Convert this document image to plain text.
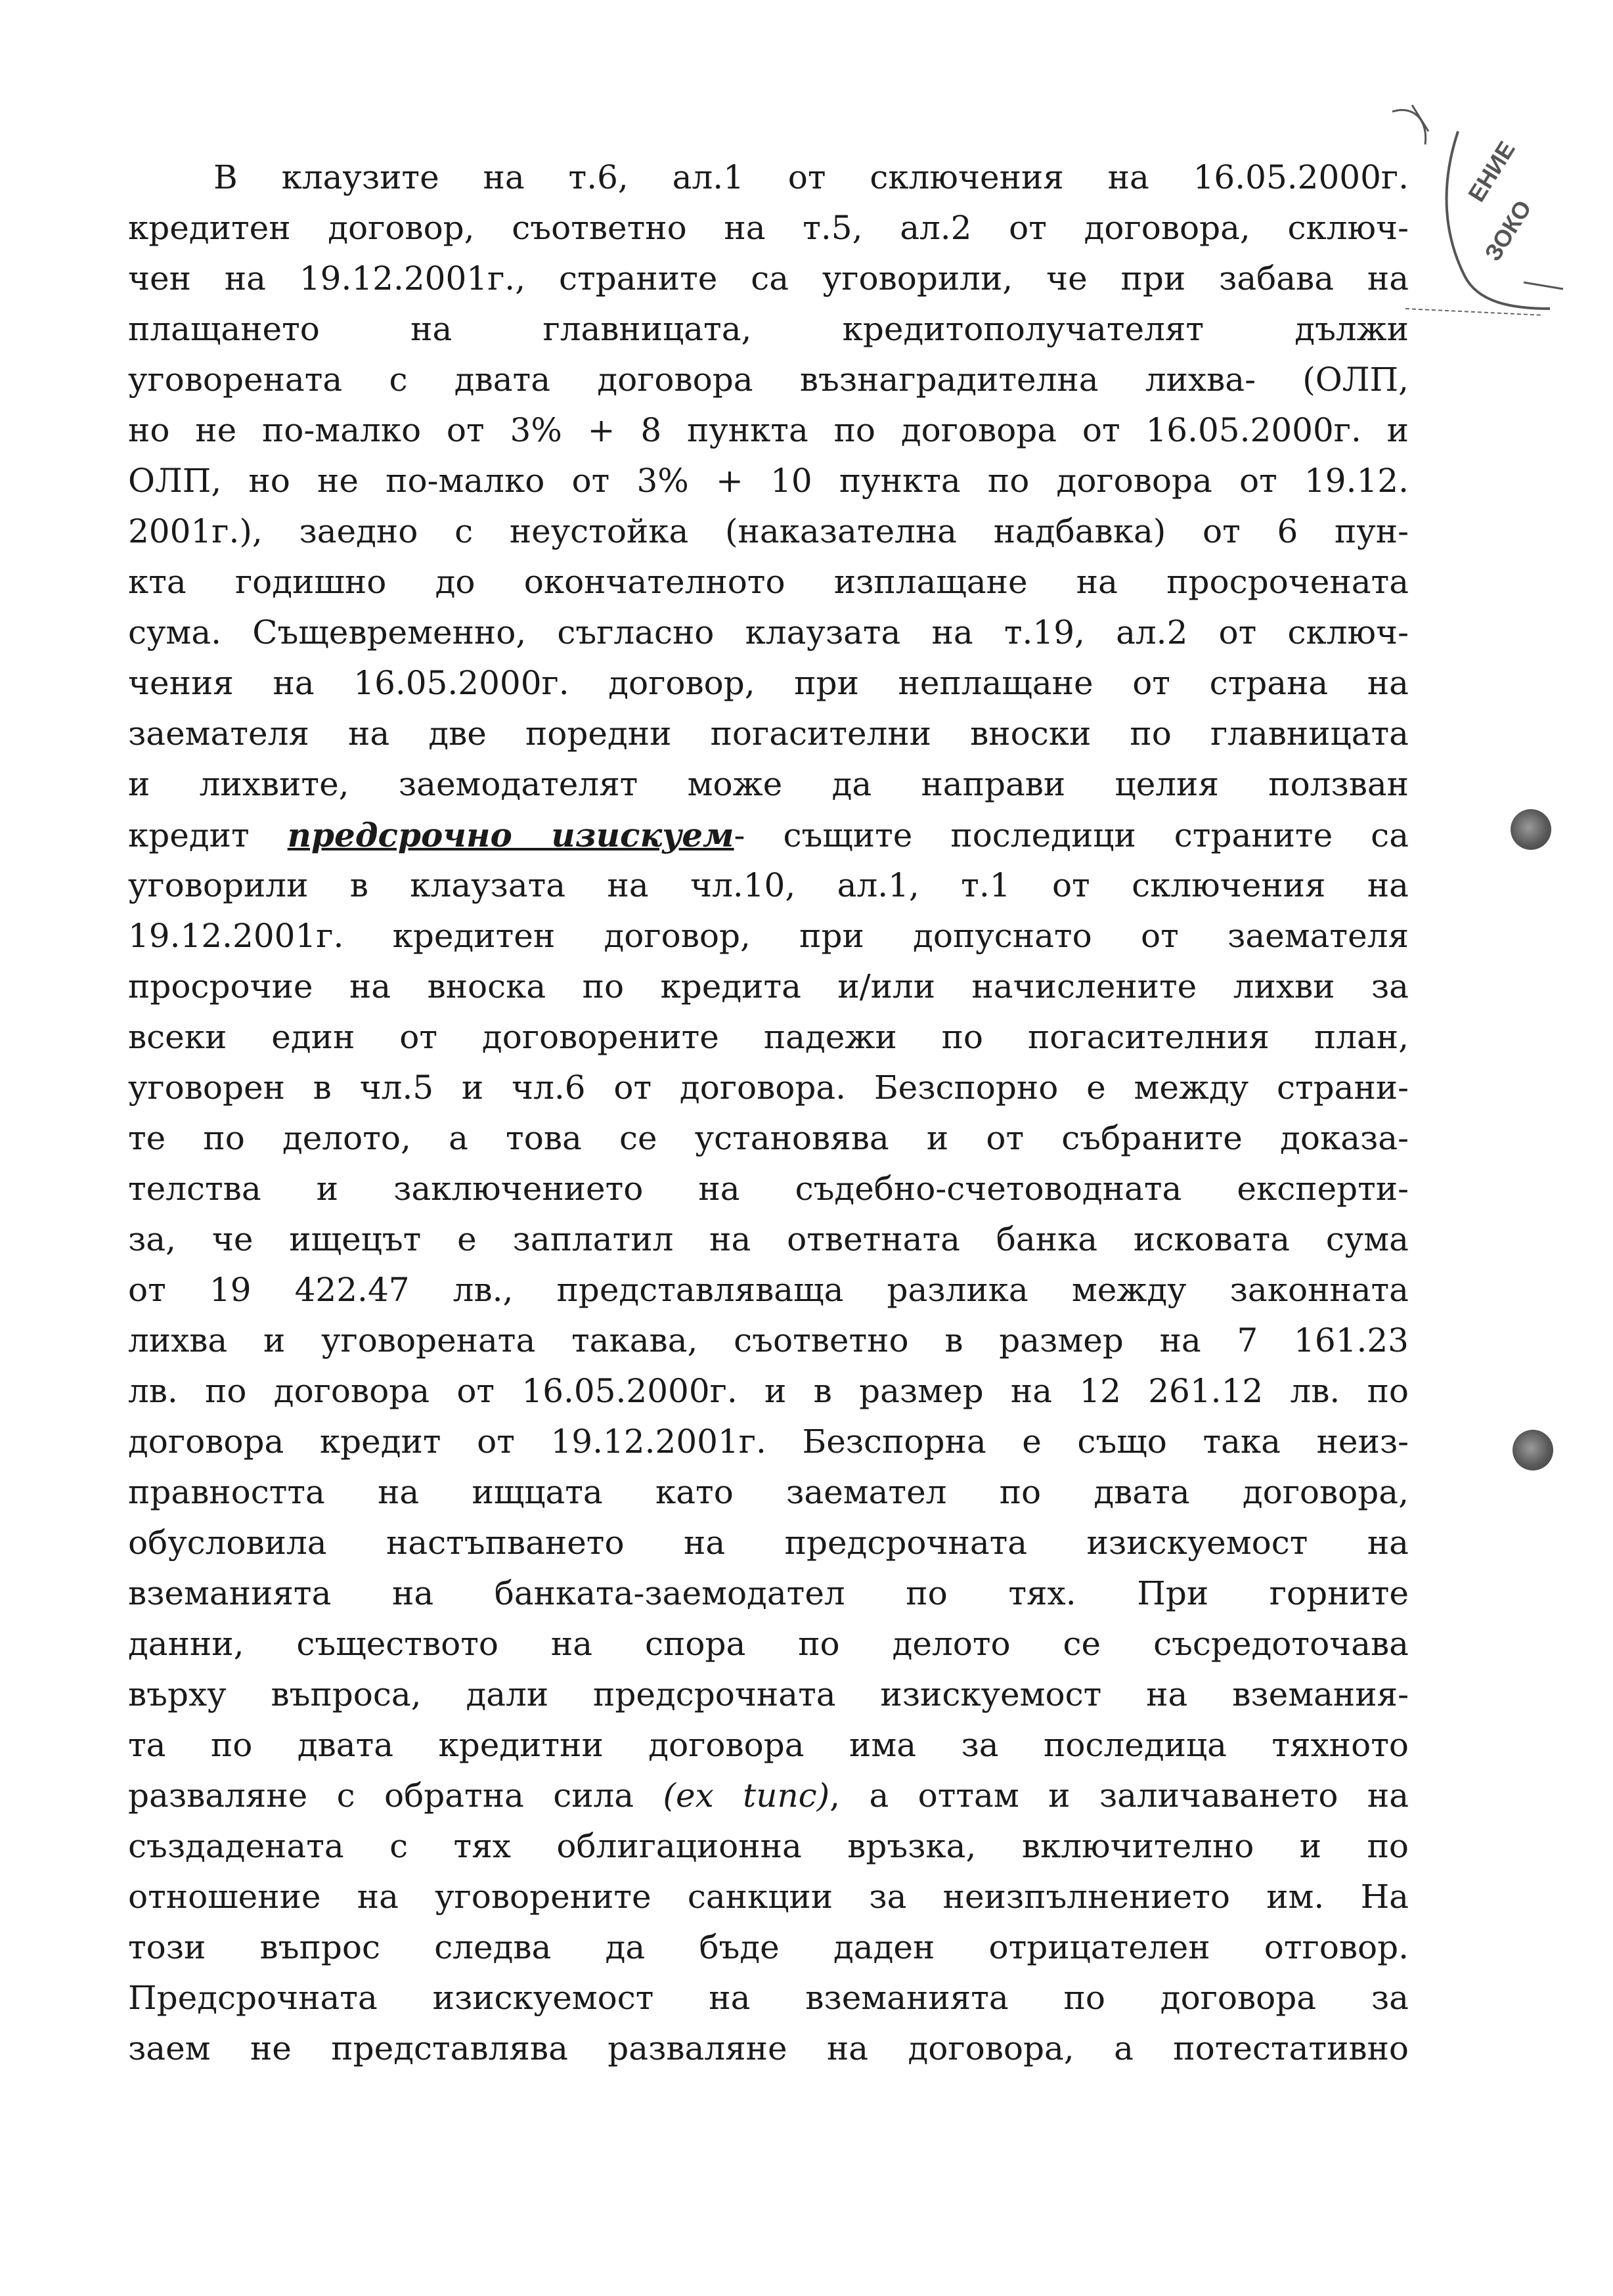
ЕНИЕ
ЗОКО
В клаузите на т.6, ал.1 от сключения на 16.05.2000г.
кредитен договор, съответно на т.5, ал.2 от договора, сключ-
чен на 19.12.2001г., страните са уговорили, че при забава на
плащането на главницата, кредитополучателят дължи
уговорената с двата договора възнаградителна лихва- (ОЛП,
но не по-малко от 3% + 8 пункта по договора от 16.05.2000г. и
ОЛП, но не по-малко от 3% + 10 пункта по договора от 19.12.
2001г.), заедно с неустойка (наказателна надбавка) от 6 пун-
кта годишно до окончателното изплащане на просрочената
сума. Същевременно, съгласно клаузата на т.19, ал.2 от сключ-
чения на 16.05.2000г. договор, при неплащане от страна на
заемателя на две поредни погасителни вноски по главницата
и лихвите, заемодателят може да направи целия ползван
кредит предсрочно изискуем- същите последици страните са
уговорили в клаузата на чл.10, ал.1, т.1 от сключения на
19.12.2001г. кредитен договор, при допуснато от заемателя
просрочие на вноска по кредита и/или начислените лихви за
всеки един от договорените падежи по погасителния план,
уговорен в чл.5 и чл.6 от договора. Безспорно е между страни-
те по делото, а това се установява и от събраните доказа-
телства и заключението на съдебно-счетоводната експерти-
за, че ищецът е заплатил на ответната банка исковата сума
от 19 422.47 лв., представляваща разлика между законната
лихва и уговорената такава, съответно в размер на 7 161.23
лв. по договора от 16.05.2000г. и в размер на 12 261.12 лв. по
договора кредит от 19.12.2001г. Безспорна е също така неиз-
правността на ищцата като заемател по двата договора,
обусловила настъпването на предсрочната изискуемост на
вземанията на банката-заемодател по тях. При горните
данни, съществото на спора по делото се съсредоточава
върху въпроса, дали предсрочната изискуемост на вземания-
та по двата кредитни договора има за последица тяхното
разваляне с обратна сила (ex tunc), а оттам и заличаването на
създадената с тях облигационна връзка, включително и по
отношение на уговорените санкции за неизпълнението им. На
този въпрос следва да бъде даден отрицателен отговор.
Предсрочната изискуемост на вземанията по договора за
заем не представлява разваляне на договора, а потестативно
